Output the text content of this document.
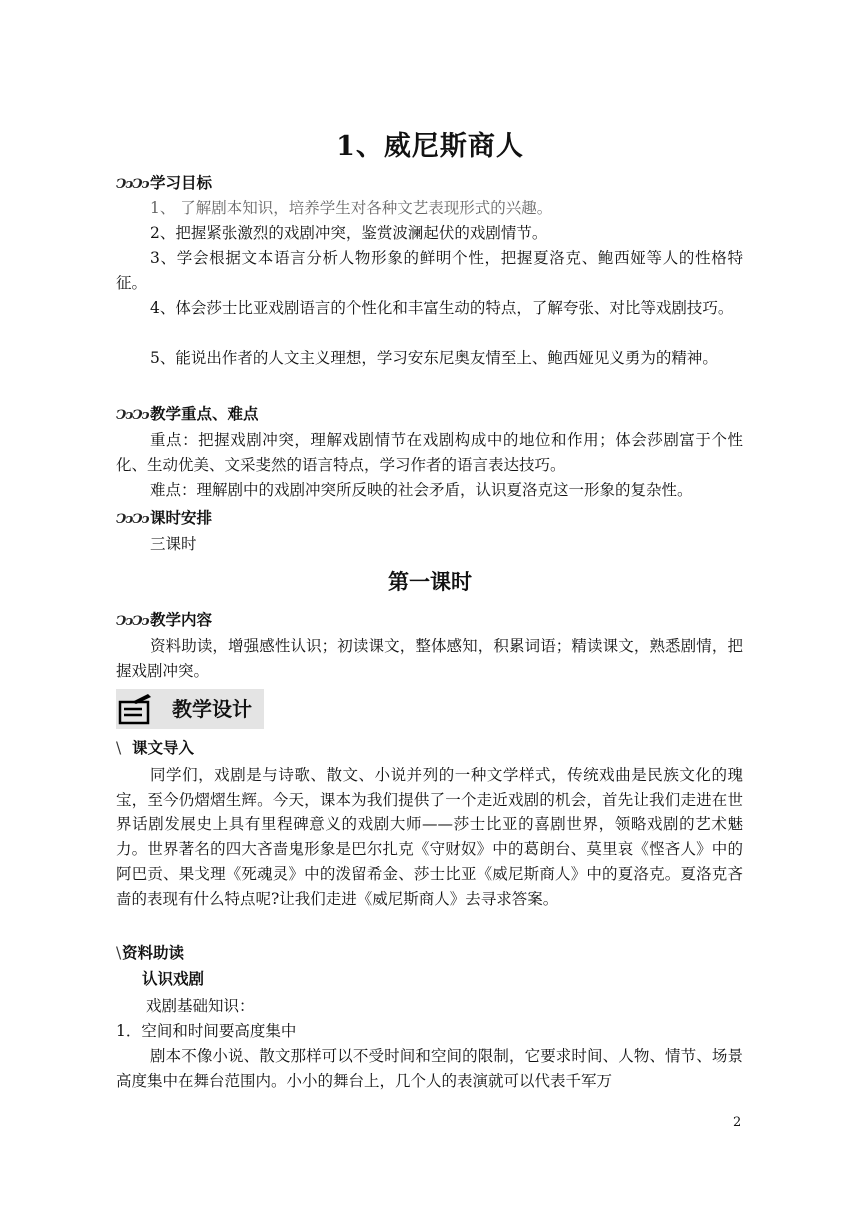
1、威尼斯商人
ↃↄↃↄ学习目标
1、 了解剧本知识，培养学生对各种文艺表现形式的兴趣。
2、把握紧张激烈的戏剧冲突，鉴赏波澜起伏的戏剧情节。
3、学会根据文本语言分析人物形象的鲜明个性，把握夏洛克、鲍西娅等人的性格特征。
4、体会莎士比亚戏剧语言的个性化和丰富生动的特点，了解夸张、对比等戏剧技巧。
5、能说出作者的人文主义理想，学习安东尼奥友情至上、鲍西娅见义勇为的精神。
ↃↄↃↄ教学重点、难点
重点：把握戏剧冲突，理解戏剧情节在戏剧构成中的地位和作用；体会莎剧富于个性化、生动优美、文采斐然的语言特点，学习作者的语言表达技巧。
难点：理解剧中的戏剧冲突所反映的社会矛盾，认识夏洛克这一形象的复杂性。
ↃↄↃↄ课时安排
三课时
第一课时
ↃↄↃↄ教学内容
资料助读，增强感性认识；初读课文，整体感知，积累词语；精读课文，熟悉剧情，把握戏剧冲突。
教学设计
\ 课文导入
同学们，戏剧是与诗歌、散文、小说并列的一种文学样式，传统戏曲是民族文化的瑰宝，至今仍熠熠生辉。今天，课本为我们提供了一个走近戏剧的机会，首先让我们走进在世界话剧发展史上具有里程碑意义的戏剧大师——莎士比亚的喜剧世界，领略戏剧的艺术魅力。世界著名的四大吝啬鬼形象是巴尔扎克《守财奴》中的葛朗台、莫里哀《悭吝人》中的阿巴贡、果戈理《死魂灵》中的泼留希金、莎士比亚《威尼斯商人》中的夏洛克。夏洛克吝啬的表现有什么特点呢?让我们走进《威尼斯商人》去寻求答案。
\资料助读
认识戏剧
戏剧基础知识：
1．空间和时间要高度集中
剧本不像小说、散文那样可以不受时间和空间的限制，它要求时间、人物、情节、场景高度集中在舞台范围内。小小的舞台上，几个人的表演就可以代表千军万
2
